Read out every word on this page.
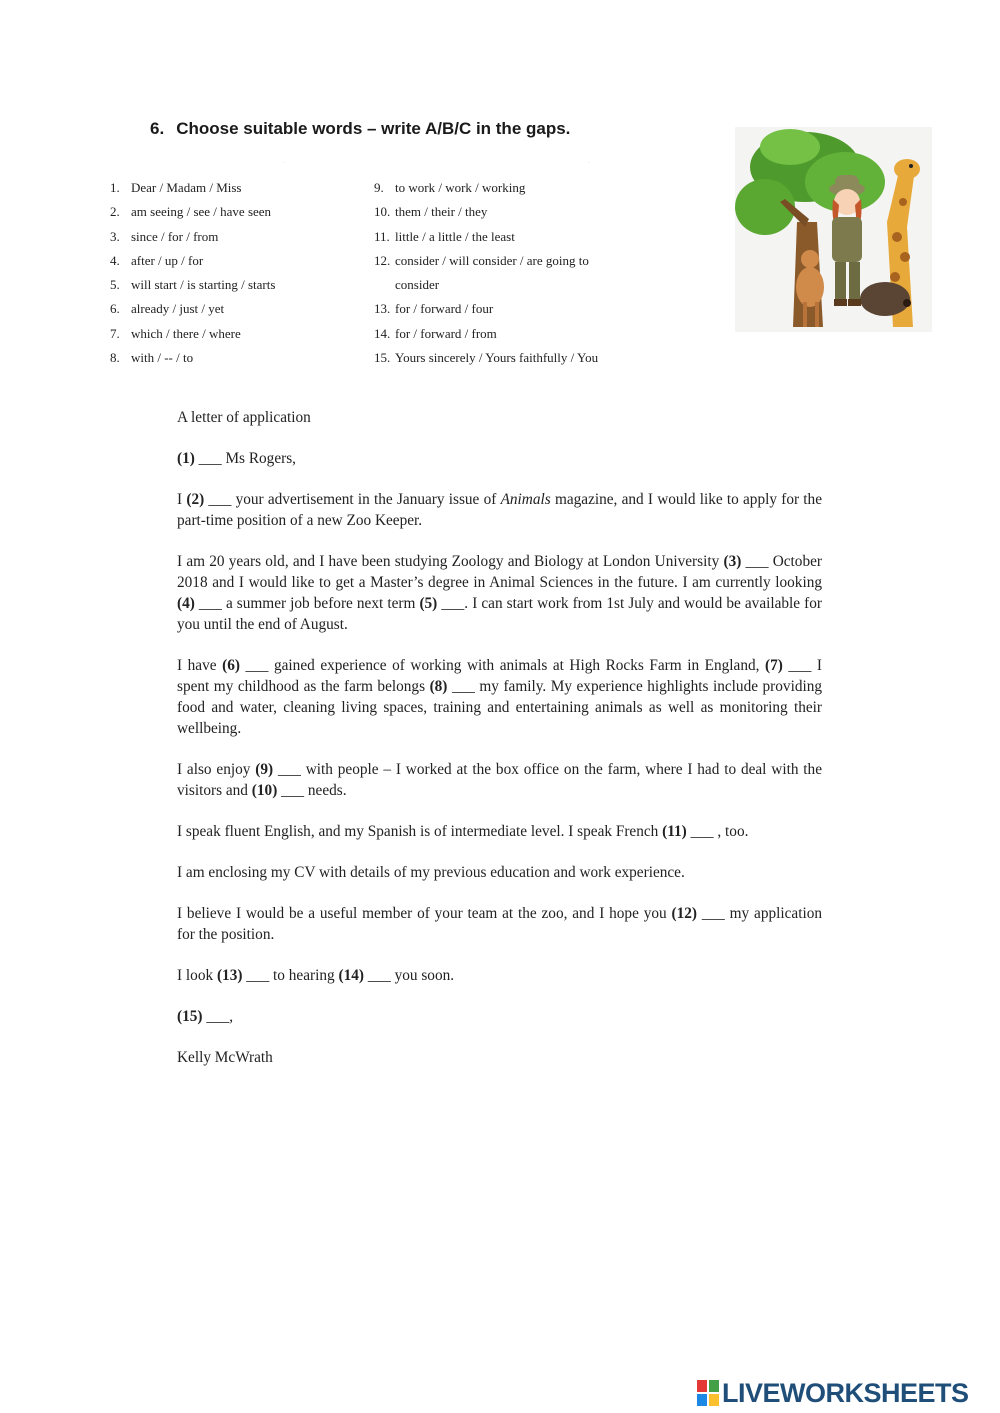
6. Choose suitable words – write A/B/C in the gaps.
·	·
1. Dear / Madam / Miss
2. am seeing / see / have seen
3. since / for / from
4. after / up / for
5. will start / is starting / starts
6. already / just / yet
7. which / there / where
8. with / -- / to
9. to work / work / working
10. them / their / they
11. little / a little / the least
12. consider / will consider / are going to
consider
13. for / forward / four
14. for / forward / from
15. Yours sincerely / Yours faithfully / You

A letter of application

(1) ___ Ms Rogers,

I (2) ___ your advertisement in the January issue of Animals magazine, and I would like to apply for the part-time position of a new Zoo Keeper.

I am 20 years old, and I have been studying Zoology and Biology at London University (3) ___ October 2018 and I would like to get a Master’s degree in Animal Sciences in the future. I am currently looking (4) ___ a summer job before next term (5) ___. I can start work from 1st July and would be available for you until the end of August.

I have (6) ___ gained experience of working with animals at High Rocks Farm in England, (7) ___ I spent my childhood as the farm belongs (8) ___ my family. My experience highlights include providing food and water, cleaning living spaces, training and entertaining animals as well as monitoring their wellbeing.

I also enjoy (9) ___ with people – I worked at the box office on the farm, where I had to deal with the visitors and (10) ___ needs.

I speak fluent English, and my Spanish is of intermediate level. I speak French (11) ___ , too.

I am enclosing my CV with details of my previous education and work experience.

I believe I would be a useful member of your team at the zoo, and I hope you (12) ___ my application for the position.

I look (13) ___ to hearing (14) ___ you soon.

(15) ___,

Kelly McWrath

LIVEWORKSHEETS
